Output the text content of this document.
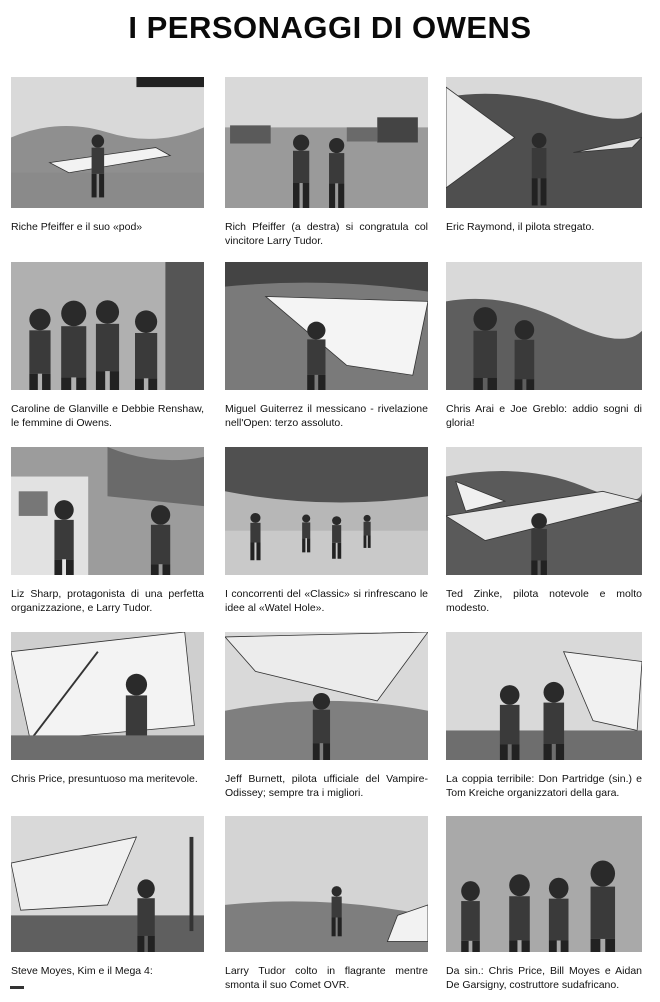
I PERSONAGGI DI OWENS
Riche Pfeiffer e il suo «pod»	Rich Pfeiffer (a destra) si congratula col vincitore Larry Tudor.
Eric Raymond, il pilota stregato.
Caroline de Glanville e Debbie Renshaw, le femmine di Owens.
Miguel Guiterrez il messicano - rivelazione nell'Open: terzo assoluto.
Chris Arai e Joe Greblo: addio sogni di gloria!
Liz Sharp, protagonista di una perfetta organizzazione, e Larry Tudor.
I concorrenti del «Classic» si rinfrescano le idee al «Watel Hole».
Ted Zinke, pilota notevole e molto modesto.
Chris Price, presuntuoso ma meritevole.	Jeff Burnett, pilota ufficiale del Vampire-Odissey; sempre tra i migliori.
La coppia terribile: Don Partridge (sin.) e Tom Kreiche organizzatori della gara.
Steve Moyes, Kim e il Mega 4:	Larry Tudor colto in flagrante mentre smonta il suo Comet OVR.
Da sin.: Chris Price, Bill Moyes e Aidan De Garsigny, costruttore sudafricano.
